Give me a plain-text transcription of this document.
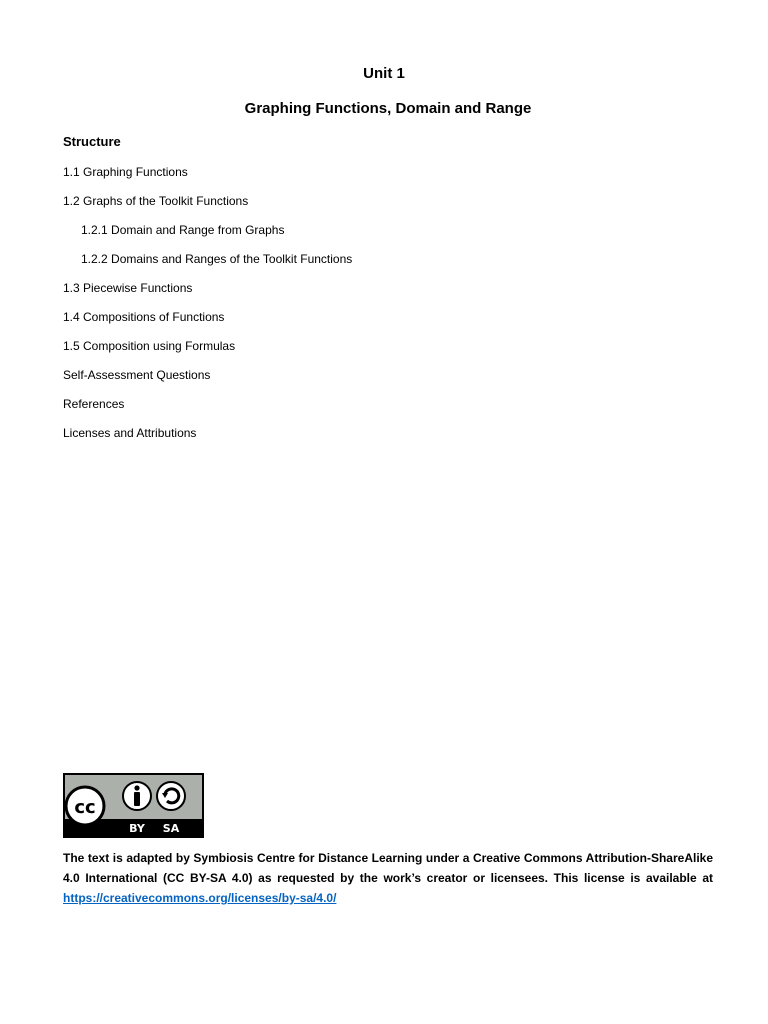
Unit 1
Graphing Functions, Domain and Range
Structure
1.1 Graphing Functions
1.2 Graphs of the Toolkit Functions
1.2.1 Domain and Range from Graphs
1.2.2 Domains and Ranges of the Toolkit Functions
1.3 Piecewise Functions
1.4 Compositions of Functions
1.5 Composition using Formulas
Self-Assessment Questions
References
Licenses and Attributions
cc
BY SA

The text is adapted by Symbiosis Centre for Distance Learning under a Creative Commons Attribution-ShareAlike 4.0 International (CC BY-SA 4.0) as requested by the work’s creator or licensees. This license is available at https://creativecommons.org/licenses/by-sa/4.0/
